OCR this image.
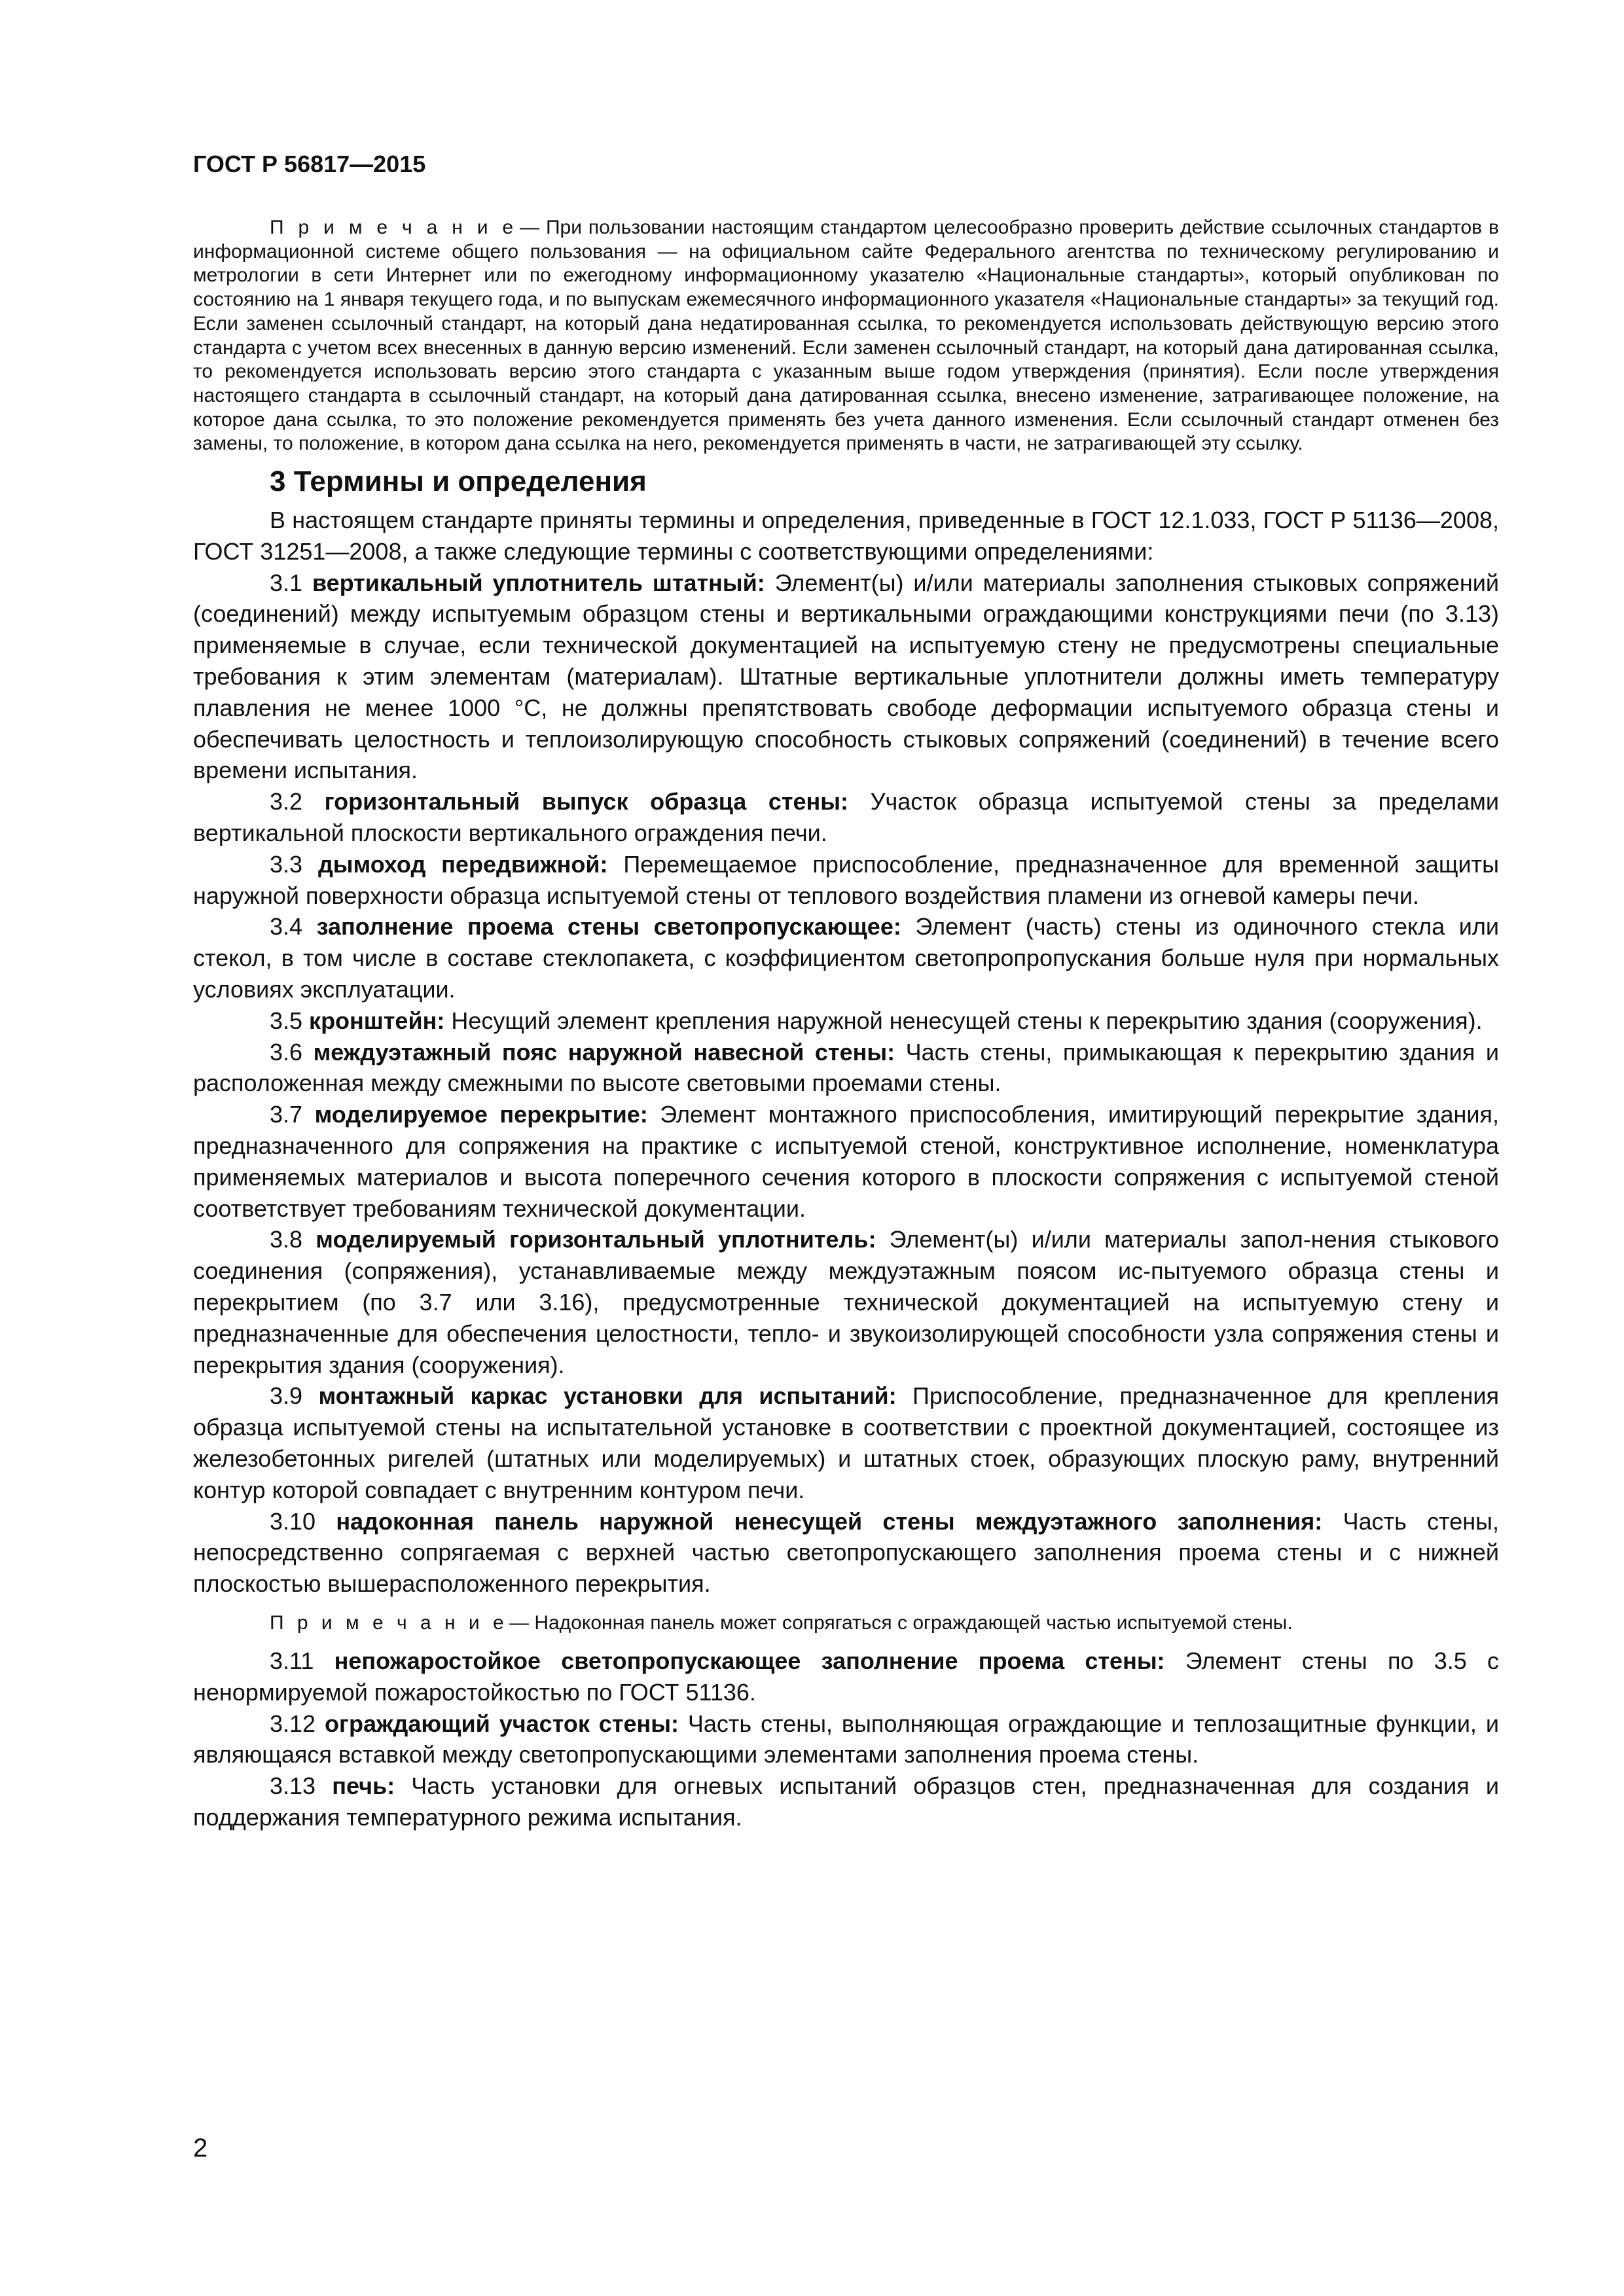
ГОСТ Р 56817—2015

П р и м е ч а н и е — При пользовании настоящим стандартом целесообразно проверить действие ссылочных стандартов в информационной системе общего пользования — на официальном сайте Федерального агентства по техническому регулированию и метрологии в сети Интернет или по ежегодному информационному указателю «Национальные стандарты», который опубликован по состоянию на 1 января текущего года, и по выпускам ежемесячного информационного указателя «Национальные стандарты» за текущий год. Если заменен ссылочный стандарт, на который дана недатированная ссылка, то рекомендуется использовать действующую версию этого стандарта с учетом всех внесенных в данную версию изменений. Если заменен ссылочный стандарт, на который дана датированная ссылка, то рекомендуется использовать версию этого стандарта с указанным выше годом утверждения (принятия). Если после утверждения настоящего стандарта в ссылочный стандарт, на который дана датированная ссылка, внесено изменение, затрагивающее положение, на которое дана ссылка, то это положение рекомендуется применять без учета данного изменения. Если ссылочный стандарт отменен без замены, то положение, в котором дана ссылка на него, рекомендуется применять в части, не затрагивающей эту ссылку.

3 Термины и определения

В настоящем стандарте приняты термины и определения, приведенные в ГОСТ 12.1.033, ГОСТ Р 51136—2008, ГОСТ 31251—2008, а также следующие термины с соответствующими определениями:

3.1 вертикальный уплотнитель штатный: Элемент(ы) и/или материалы заполнения стыковых сопряжений (соединений) между испытуемым образцом стены и вертикальными ограждающими конструкциями печи (по 3.13) применяемые в случае, если технической документацией на испытуемую стену не предусмотрены специальные требования к этим элементам (материалам). Штатные вертикальные уплотнители должны иметь температуру плавления не менее 1000 °С, не должны препятствовать свободе деформации испытуемого образца стены и обеспечивать целостность и теплоизолирующую способность стыковых сопряжений (соединений) в течение всего времени испытания.

3.2 горизонтальный выпуск образца стены: Участок образца испытуемой стены за пределами вертикальной плоскости вертикального ограждения печи.

3.3 дымоход передвижной: Перемещаемое приспособление, предназначенное для временной защиты наружной поверхности образца испытуемой стены от теплового воздействия пламени из огневой камеры печи.

3.4 заполнение проема стены светопропускающее: Элемент (часть) стены из одиночного стекла или стекол, в том числе в составе стеклопакета, с коэффициентом светопропропускания больше нуля при нормальных условиях эксплуатации.

3.5 кронштейн: Несущий элемент крепления наружной ненесущей стены к перекрытию здания (сооружения).

3.6 междуэтажный пояс наружной навесной стены: Часть стены, примыкающая к перекрытию здания и расположенная между смежными по высоте световыми проемами стены.

3.7 моделируемое перекрытие: Элемент монтажного приспособления, имитирующий перекрытие здания, предназначенного для сопряжения на практике с испытуемой стеной, конструктивное исполнение, номенклатура применяемых материалов и высота поперечного сечения которого в плоскости сопряжения с испытуемой стеной соответствует требованиям технической документации.

3.8 моделируемый горизонтальный уплотнитель: Элемент(ы) и/или материалы запол-нения стыкового соединения (сопряжения), устанавливаемые между междуэтажным поясом ис-пытуемого образца стены и перекрытием (по 3.7 или 3.16), предусмотренные технической документацией на испытуемую стену и предназначенные для обеспечения целостности, тепло- и звукоизолирующей способности узла сопряжения стены и перекрытия здания (сооружения).

3.9 монтажный каркас установки для испытаний: Приспособление, предназначенное для крепления образца испытуемой стены на испытательной установке в соответствии с проектной документацией, состоящее из железобетонных ригелей (штатных или моделируемых) и штатных стоек, образующих плоскую раму, внутренний контур которой совпадает с внутренним контуром печи.

3.10 надоконная панель наружной ненесущей стены междуэтажного заполнения: Часть стены, непосредственно сопрягаемая с верхней частью светопропускающего заполнения проема стены и с нижней плоскостью вышерасположенного перекрытия.

П р и м е ч а н и е — Надоконная панель может сопрягаться с ограждающей частью испытуемой стены.

3.11 непожаростойкое светопропускающее заполнение проема стены: Элемент стены по 3.5 с ненормируемой пожаростойкостью по ГОСТ 51136.

3.12 ограждающий участок стены: Часть стены, выполняющая ограждающие и теплозащитные функции, и являющаяся вставкой между светопропускающими элементами заполнения проема стены.

3.13 печь: Часть установки для огневых испытаний образцов стен, предназначенная для создания и поддержания температурного режима испытания.

2
